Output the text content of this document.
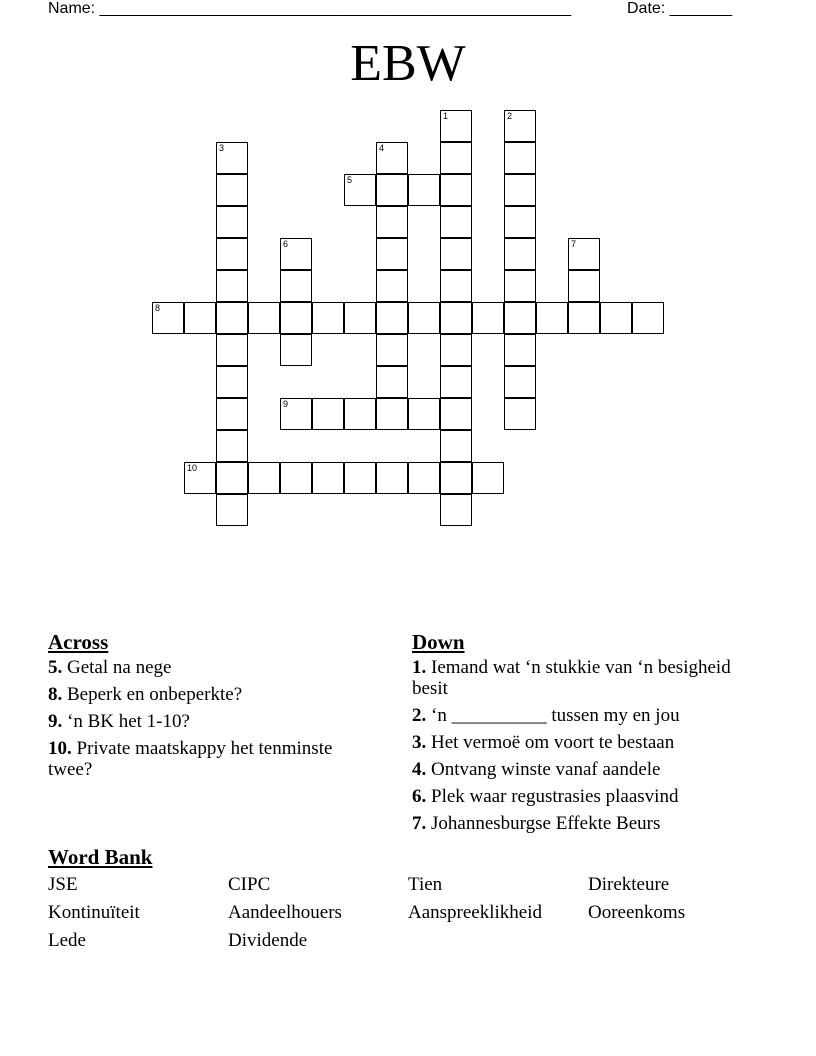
Name: _____________________________________________________	Date: _______
EBW
1	2
3	4
5
6	7
8
9
10
Across
5. Getal na nege
8. Beperk en onbeperkte?
9. ‘n BK het 1-10?
10. Private maatskappy het tenminste twee?
Down
1. Iemand wat ‘n stukkie van ‘n besigheid besit
2. ‘n __________ tussen my en jou
3. Het vermoë om voort te bestaan
4. Ontvang winste vanaf aandele
6. Plek waar regustrasies plaasvind
7. Johannesburgse Effekte Beurs
Word Bank
JSE	CIPC	Tien	Direkteure
Kontinuïteit	Aandeelhouers	Aanspreeklikheid	Ooreenkoms
Lede	Dividende
